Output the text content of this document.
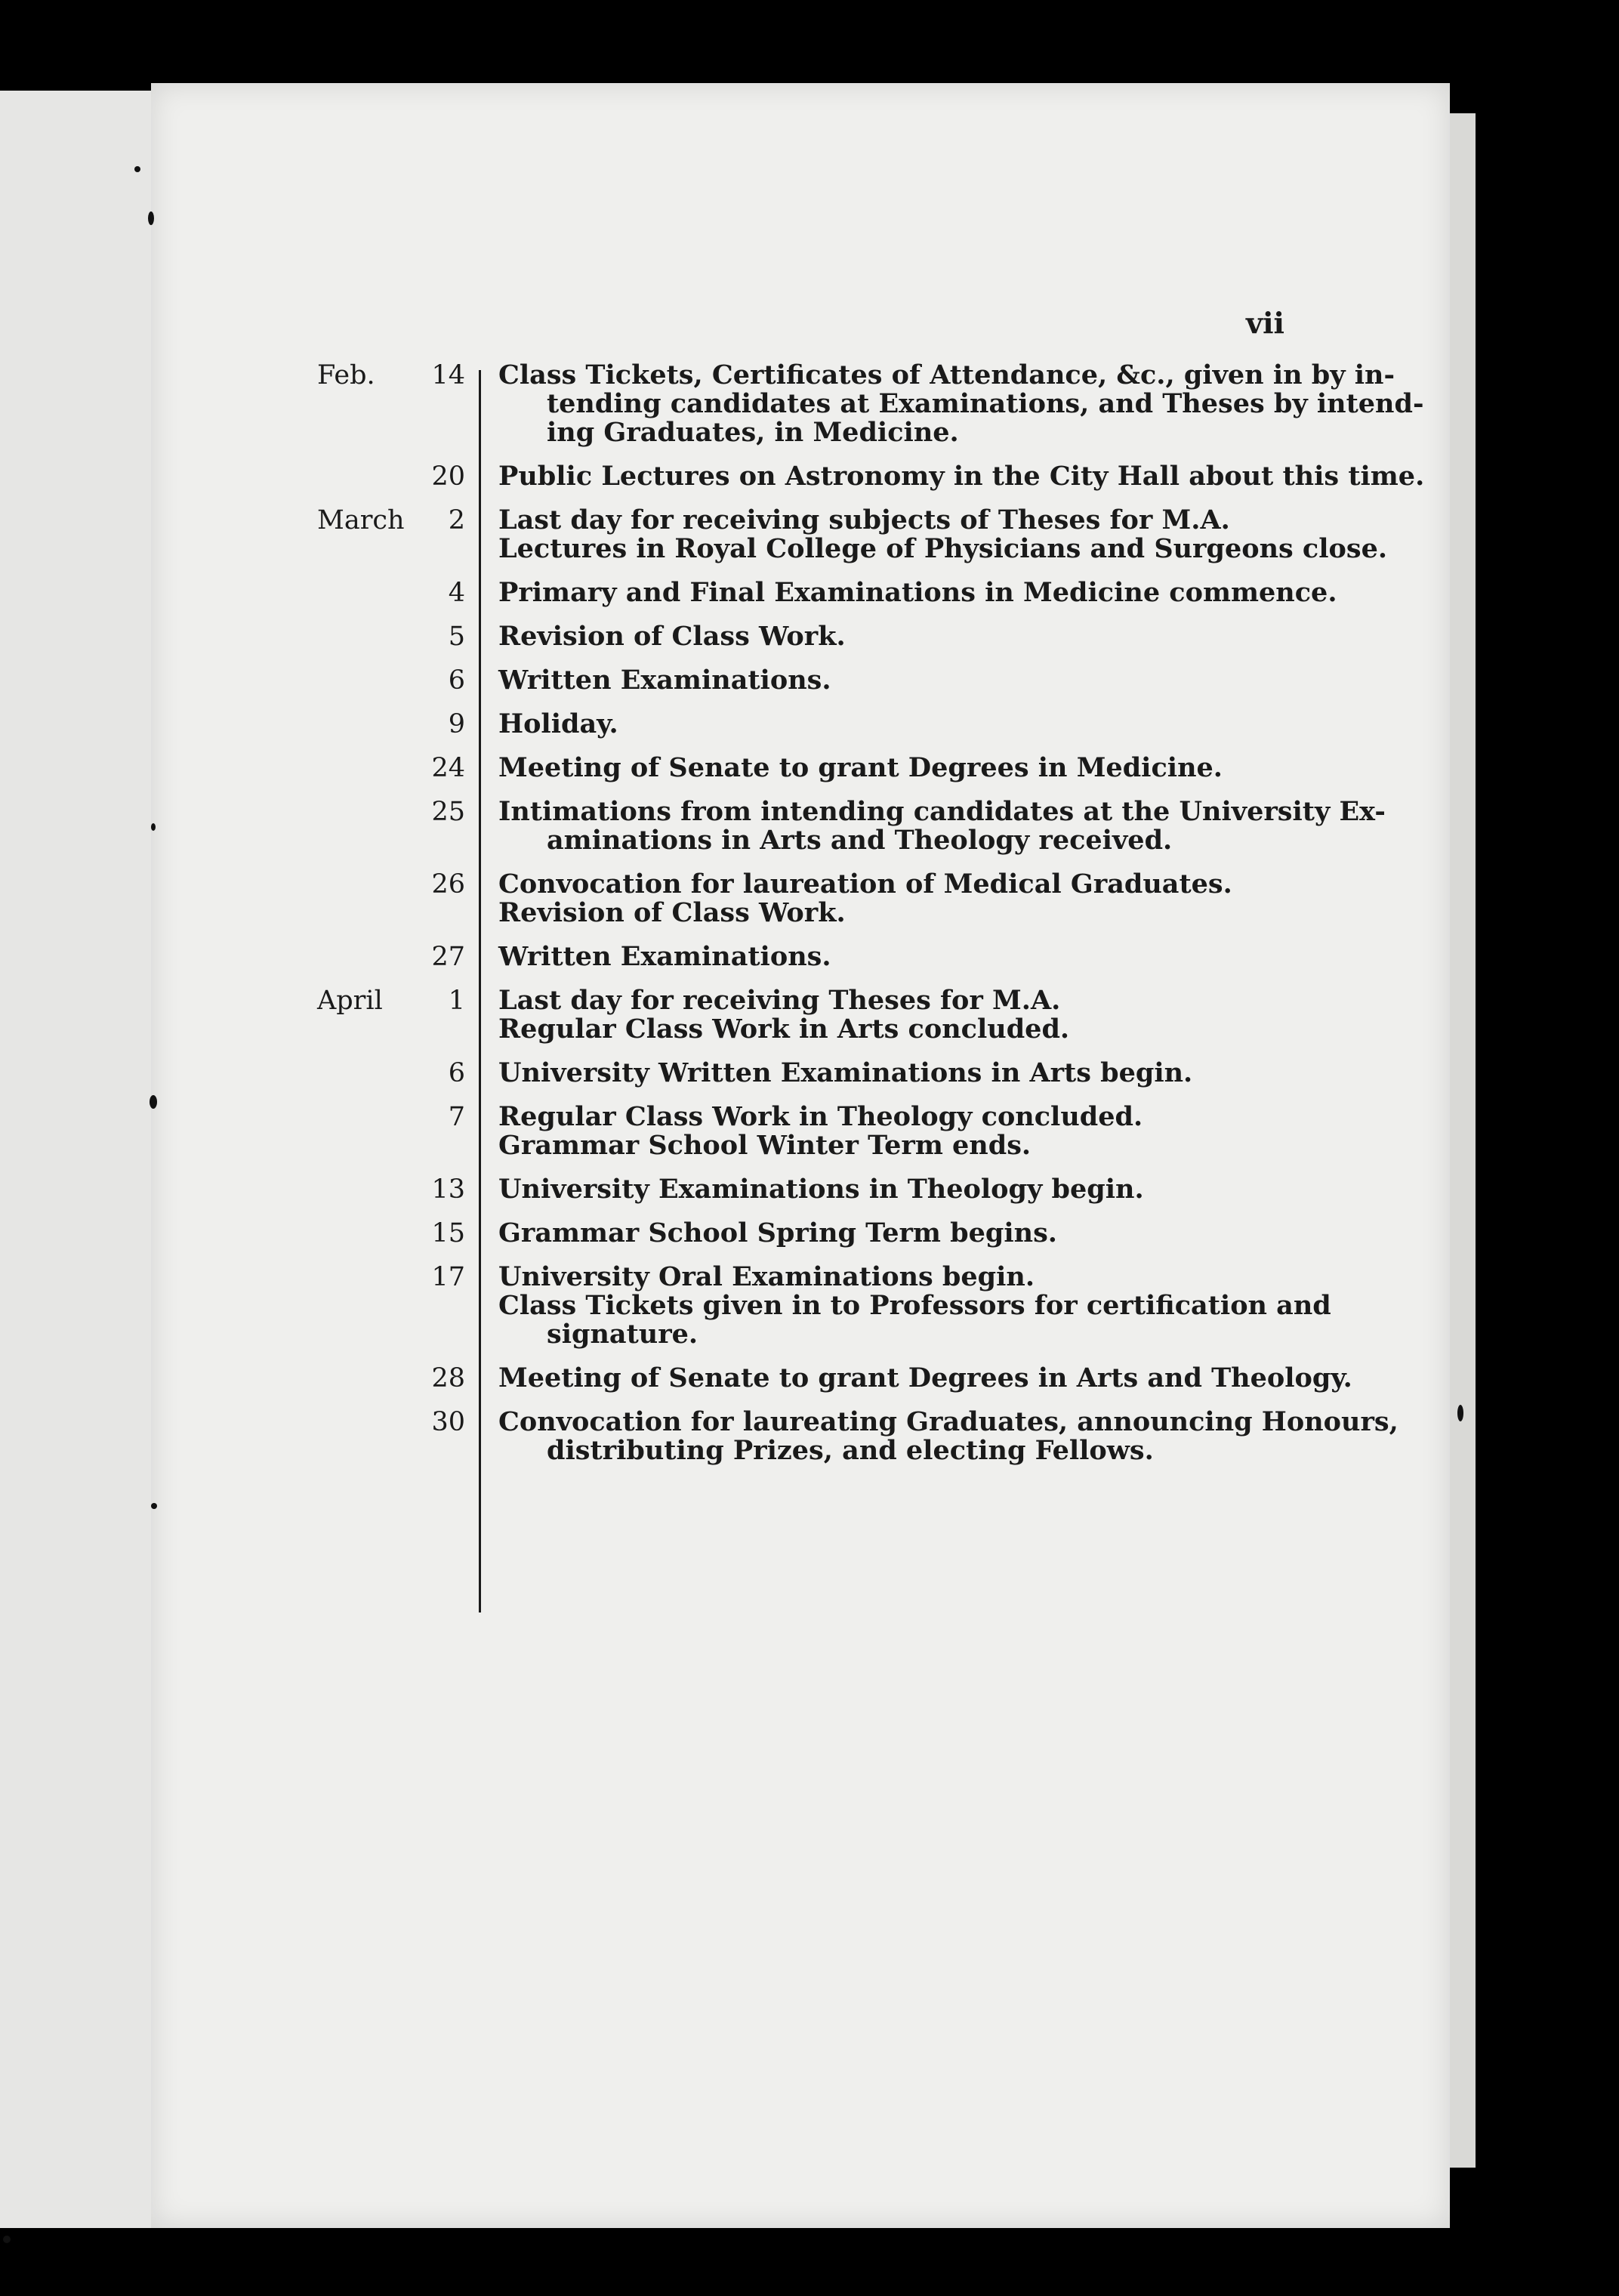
vii
Feb. 14 Class Tickets, Certificates of Attendance, &c., given in by in-
tending candidates at Examinations, and Theses by intend-
ing Graduates, in Medicine.
20 Public Lectures on Astronomy in the City Hall about this time.
March	2 Last day for receiving subjects of Theses for M.A.
Lectures in Royal College of Physicians and Surgeons close.
4 Primary and Final Examinations in Medicine commence.
5 Revision of Class Work.
6 Written Examinations.
9 Holiday.
24 Meeting of Senate to grant Degrees in Medicine.
25 Intimations from intending candidates at the University Ex-
aminations in Arts and Theology received.
26 Convocation for laureation of Medical Graduates.
Revision of Class Work.
27 Written Examinations.
April	1 Last day for receiving Theses for M.A.
Regular Class Work in Arts concluded.
6 University Written Examinations in Arts begin.
7 Regular Class Work in Theology concluded.
Grammar School Winter Term ends.
13 University Examinations in Theology begin.
15 Grammar School Spring Term begins.
17 University Oral Examinations begin.
Class Tickets given in to Professors for certification and
signature.
28 Meeting of Senate to grant Degrees in Arts and Theology.
30 Convocation for laureating Graduates, announcing Honours,
distributing Prizes, and electing Fellows.
